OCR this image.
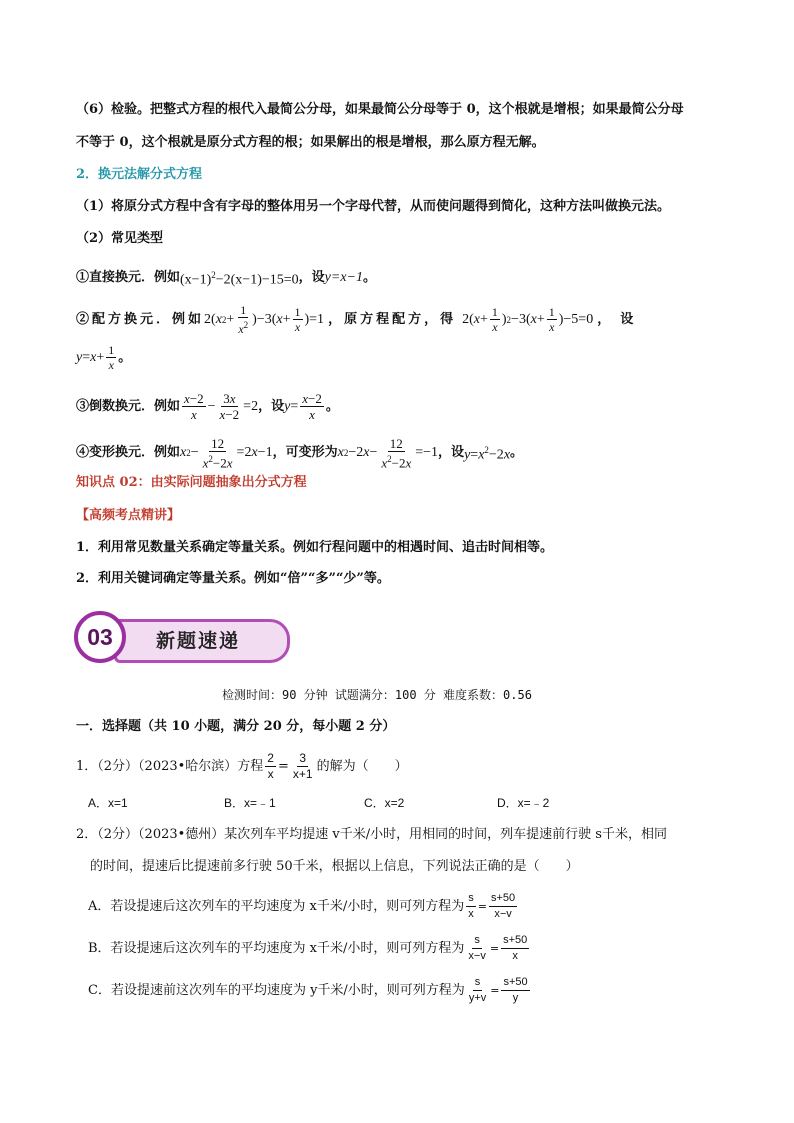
（6）检验。把整式方程的根代入最简公分母，如果最简公分母等于 0，这个根就是增根；如果最简公分母
不等于 0，这个根就是原分式方程的根；如果解出的根是增根，那么原方程无解。
2．换元法解分式方程
（1）将原分式方程中含有字母的整体用另一个字母代替，从而使问题得到简化，这种方法叫做换元法。
（2）常见类型
①直接换元．例如 $(x-1)^2-2(x-1)-15=0$ ，设 y=x−1 。
②配方换元．例如 2( x $2 + \frac{1}{x^2} )-3$( $x + \frac{1}{x} )=1$ ，原方程配方，得 2( $x + \frac{1}{x}$ ) 2 −3( $x + \frac{1}{x} )-5=0$ ，设
$y = x + \frac{1}{x}$ 。
③倒数换元．例如 $\frac{x-2}{x} - \frac{3x}{x-2} =2$ ，设 $y = \frac{x-2}{x}$ 。
④变形换元．例如 x $2 - \frac{12}{x^2-2x} =2$ x −1 ，可变形为 x 2 −2 $x - \frac{12}{x^2-2x} =-1$ ，设 $y=x^2-2x$ 。
知识点 02：由实际问题抽象出分式方程
【高频考点精讲】
1．利用常见数量关系确定等量关系。例如行程问题中的相遇时间、追击时间相等。
2．利用关键词确定等量关系。例如“倍”“多”“少”等。
03 新题速递
检测时间：90 分钟 试题满分：100 分 难度系数：0.56
一．选择题（共 10 小题，满分 20 分，每小题 2 分）
1．（2分）（2023•哈尔滨）方程 $\frac{2}{x} = \frac{3}{x+1}$ 的解为（　　）
A．x=1	B．x=﹣1	C．x=2	D．x=﹣2
2．（2分）（2023•德州）某次列车平均提速 v千米/小时，用相同的时间，列车提速前行驶 s千米，相同
的时间，提速后比提速前多行驶 50千米，根据以上信息，下列说法正确的是（　　）
A．若设提速后这次列车的平均速度为 x千米/小时，则可列方程为 $\frac{s}{x} = \frac{s+50}{x-v}$
B．若设提速后这次列车的平均速度为 x千米/小时，则可列方程为 $\frac{s}{x-v} = \frac{s+50}{x}$
C．若设提速前这次列车的平均速度为 y千米/小时，则可列方程为 $\frac{s}{y+v} = \frac{s+50}{y}$
